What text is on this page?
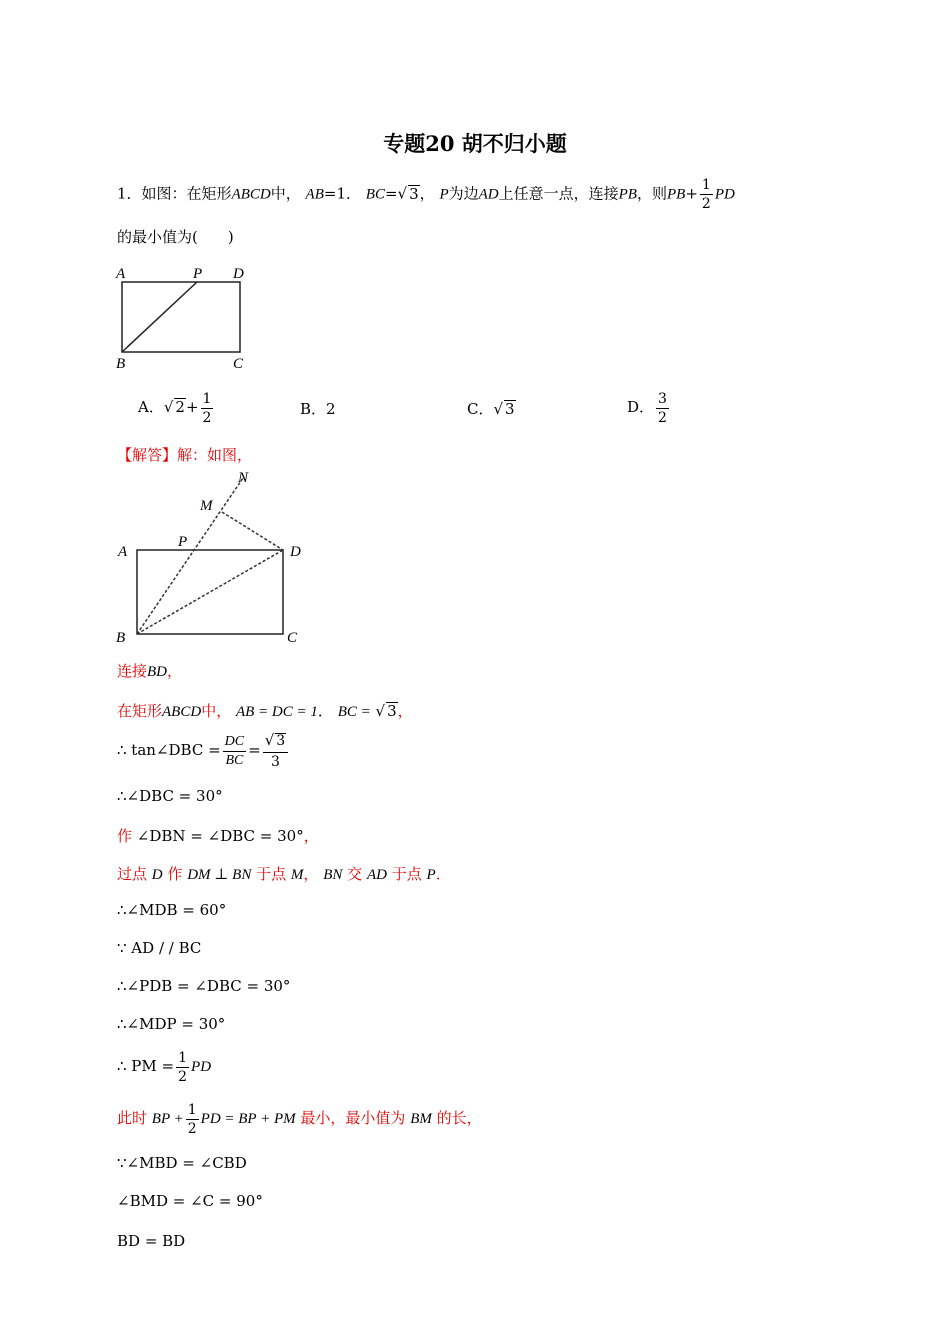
专题20 胡不归小题
1．如图：在矩形ABCD中， AB=1． BC=√ 3， P为边AD上任意一点，连接PB，则$PB+ \frac{1}{2}$ PD
的最小值为(　　)
A	P D
B	C
A．√ $2+ \frac{1}{2}$	B．2	C．√ 3	D． $\frac{3}{2}$
【解答】解：如图，
N
M
A
P
D
B	C
连接BD，
在矩形ABCD中， AB = DC = 1． BC = √ 3，
∴ tan∠DBC = $\frac{DC}{BC} = \frac{√ 3}{3}$
∴∠DBC = 30°
作 ∠DBN = ∠DBC = 30°，
过点 D 作 DM ⊥ BN 于点 M， BN 交 AD 于点 P．
∴∠MDB = 60°
∵ AD / / BC
∴∠PDB = ∠DBC = 30°
∴∠MDP = 30°
∴ PM = $\frac{1}{2}$ PD
此时 BP + $\frac{1}{2}$ PD = BP + PM 最小，最小值为 BM 的长，
∵∠MBD = ∠CBD
∠BMD = ∠C = 90°
BD = BD
